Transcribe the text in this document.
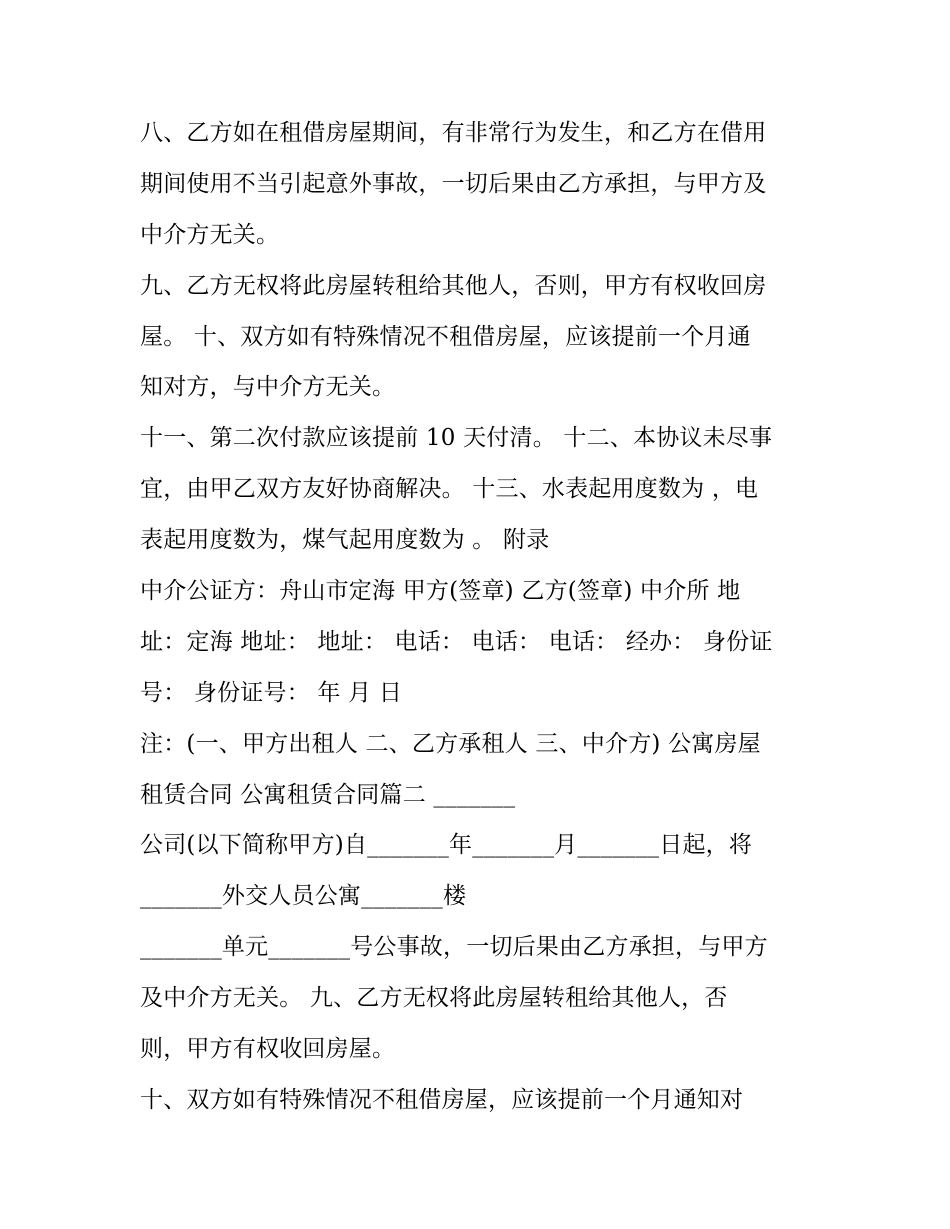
八、乙方如在租借房屋期间，有非常行为发生，和乙方在借用
期间使用不当引起意外事故，一切后果由乙方承担，与甲方及
中介方无关。
九、乙方无权将此房屋转租给其他人，否则，甲方有权收回房
屋。 十、双方如有特殊情况不租借房屋，应该提前一个月通
知对方，与中介方无关。
十一、第二次付款应该提前 10 天付清。 十二、本协议未尽事
宜，由甲乙双方友好协商解决。 十三、水表起用度数为 ，电
表起用度数为，煤气起用度数为 。 附录
中介公证方：舟山市定海 甲方(签章) 乙方(签章) 中介所 地
址：定海 地址： 地址： 电话： 电话： 电话： 经办： 身份证
号： 身份证号： 年 月 日
注：(一、甲方出租人 二、乙方承租人 三、中介方) 公寓房屋
租赁合同 公寓租赁合同篇二 _______
公司(以下简称甲方)自_______年_______月_______日起，将
_______外交人员公寓_______楼
_______单元_______号公事故，一切后果由乙方承担，与甲方
及中介方无关。 九、乙方无权将此房屋转租给其他人，否
则，甲方有权收回房屋。
十、双方如有特殊情况不租借房屋，应该提前一个月通知对
